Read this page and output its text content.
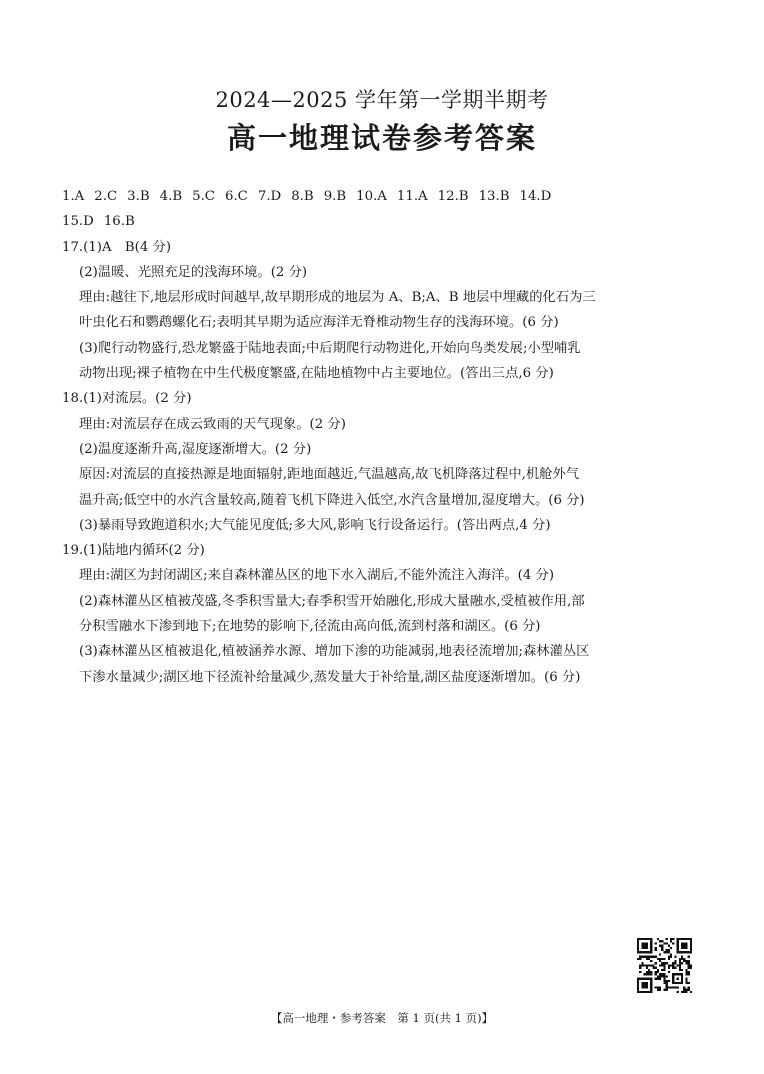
2024—2025 学年第一学期半期考
高一地理试卷参考答案
1.A 2.C 3.B 4.B 5.C 6.C 7.D 8.B 9.B 10.A 11.A 12.B 13.B 14.D
15.D 16.B
17.(1)A　B(4 分)
(2)温暖、光照充足的浅海环境。(2 分)
理由:越往下,地层形成时间越早,故早期形成的地层为 A、B;A、B 地层中埋藏的化石为三
叶虫化石和鹦鹉螺化石;表明其早期为适应海洋无脊椎动物生存的浅海环境。(6 分)
(3)爬行动物盛行,恐龙繁盛于陆地表面;中后期爬行动物进化,开始向鸟类发展;小型哺乳
动物出现;裸子植物在中生代极度繁盛,在陆地植物中占主要地位。(答出三点,6 分)
18.(1)对流层。(2 分)
理由:对流层存在成云致雨的天气现象。(2 分)
(2)温度逐渐升高,湿度逐渐增大。(2 分)
原因:对流层的直接热源是地面辐射,距地面越近,气温越高,故飞机降落过程中,机舱外气
温升高;低空中的水汽含量较高,随着飞机下降进入低空,水汽含量增加,湿度增大。(6 分)
(3)暴雨导致跑道积水;大气能见度低;多大风,影响飞行设备运行。(答出两点,4 分)
19.(1)陆地内循环(2 分)
理由:湖区为封闭湖区;来自森林灌丛区的地下水入湖后,不能外流注入海洋。(4 分)
(2)森林灌丛区植被茂盛,冬季积雪量大;春季积雪开始融化,形成大量融水,受植被作用,部
分积雪融水下渗到地下;在地势的影响下,径流由高向低,流到村落和湖区。(6 分)
(3)森林灌丛区植被退化,植被涵养水源、增加下渗的功能减弱,地表径流增加;森林灌丛区
下渗水量减少;湖区地下径流补给量减少,蒸发量大于补给量,湖区盐度逐渐增加。(6 分)
【高一地理・参考答案　第 1 页(共 1 页)】
